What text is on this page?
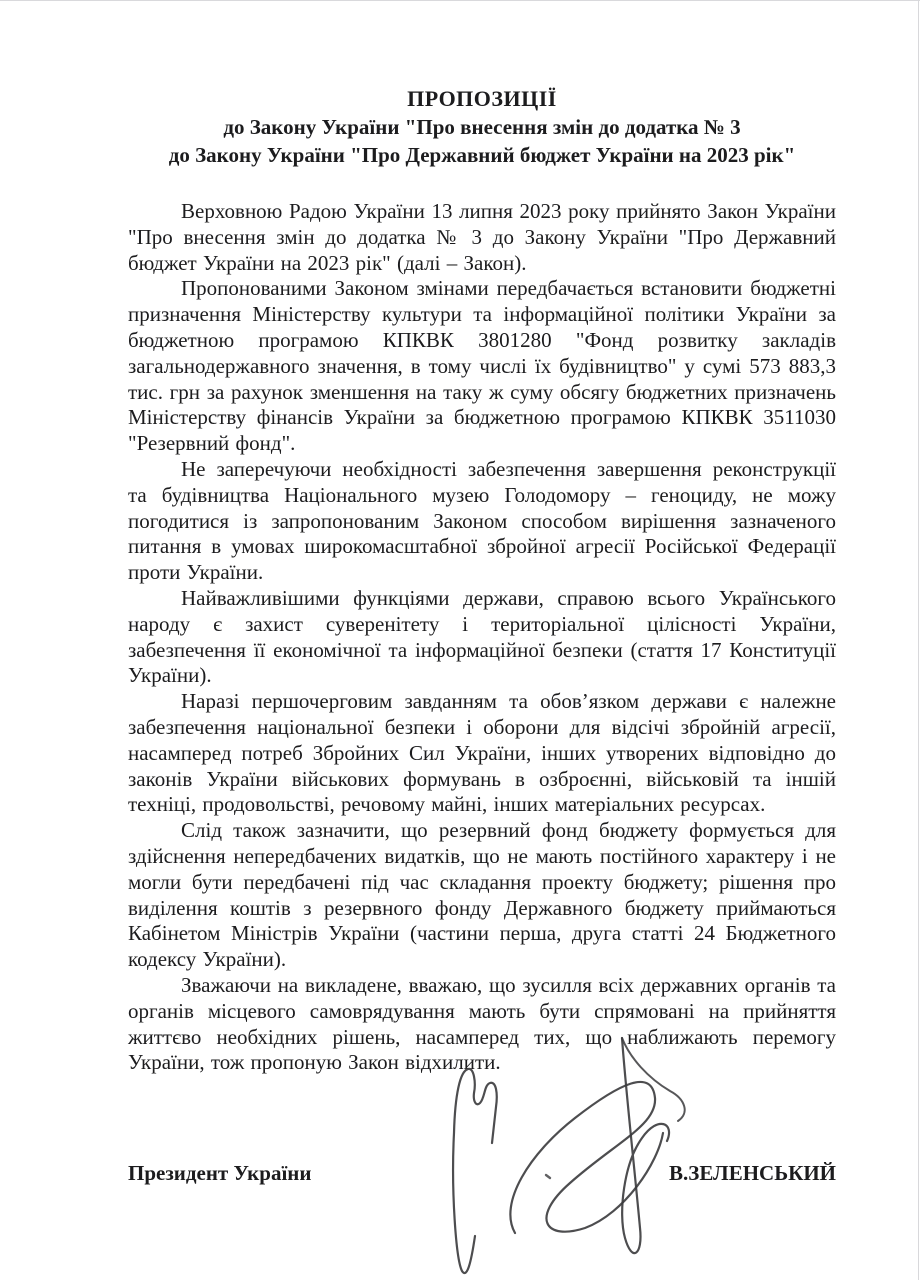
ПРОПОЗИЦІЇ
до Закону України "Про внесення змін до додатка № 3
до Закону України "Про Державний бюджет України на 2023 рік"

Верховною Радою України 13 липня 2023 року прийнято Закон України "Про внесення змін до додатка № 3 до Закону України "Про Державний бюджет України на 2023 рік" (далі – Закон).

Пропонованими Законом змінами передбачається встановити бюджетні призначення Міністерству культури та інформаційної політики України за бюджетною програмою КПКВК 3801280 "Фонд розвитку закладів загальнодержавного значення, в тому числі їх будівництво" у сумі 573 883,3 тис. грн за рахунок зменшення на таку ж суму обсягу бюджетних призначень Міністерству фінансів України за бюджетною програмою КПКВК 3511030 "Резервний фонд".

Не заперечуючи необхідності забезпечення завершення реконструкції та будівництва Національного музею Голодомору – геноциду, не можу погодитися із запропонованим Законом способом вирішення зазначеного питання в умовах широкомасштабної збройної агресії Російської Федерації проти України.

Найважливішими функціями держави, справою всього Українського народу є захист суверенітету і територіальної цілісності України, забезпечення її економічної та інформаційної безпеки (стаття 17 Конституції України).

Наразі першочерговим завданням та обов’язком держави є належне забезпечення національної безпеки і оборони для відсічі збройній агресії, насамперед потреб Збройних Сил України, інших утворених відповідно до законів України військових формувань в озброєнні, військовій та іншій техніці, продовольстві, речовому майні, інших матеріальних ресурсах.

Слід також зазначити, що резервний фонд бюджету формується для здійснення непередбачених видатків, що не мають постійного характеру і не могли бути передбачені під час складання проекту бюджету; рішення про виділення коштів з резервного фонду Державного бюджету приймаються Кабінетом Міністрів України (частини перша, друга статті 24 Бюджетного кодексу України).

Зважаючи на викладене, вважаю, що зусилля всіх державних органів та органів місцевого самоврядування мають бути спрямовані на прийняття життєво необхідних рішень, насамперед тих, що наближають перемогу України, тож пропоную Закон відхилити.

Президент України	В.ЗЕЛЕНСЬКИЙ
